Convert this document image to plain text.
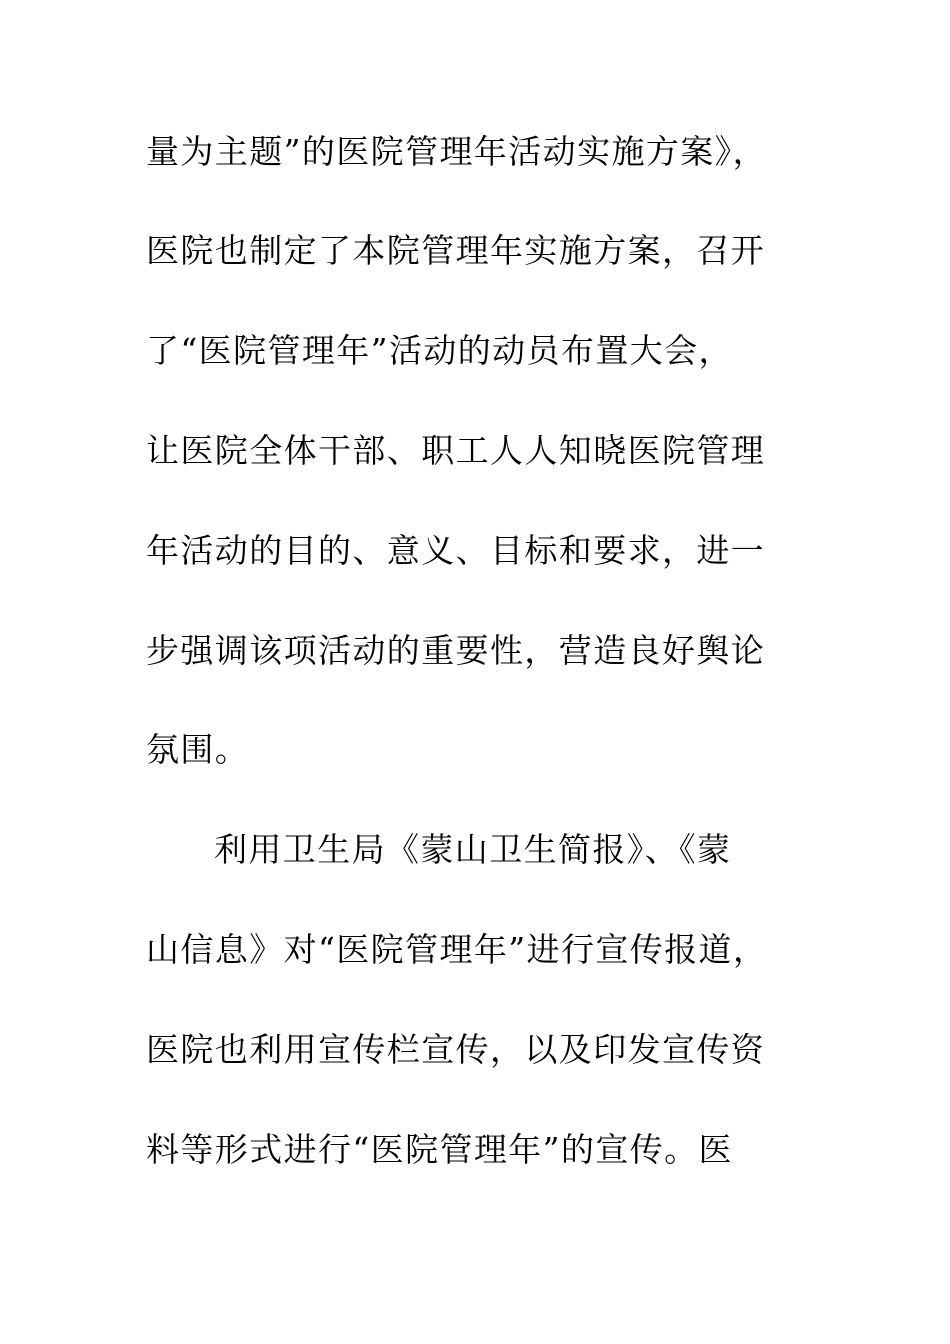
量为主题”的医院管理年活动实施方案》，
医院也制定了本院管理年实施方案，召开
了“医院管理年”活动的动员布置大会，
让医院全体干部、职工人人知晓医院管理
年活动的目的、意义、目标和要求，进一
步强调该项活动的重要性，营造良好舆论
氛围。
利用卫生局《蒙山卫生简报》、《蒙
山信息》对“医院管理年”进行宣传报道，
医院也利用宣传栏宣传，以及印发宣传资
料等形式进行“医院管理年”的宣传。医
